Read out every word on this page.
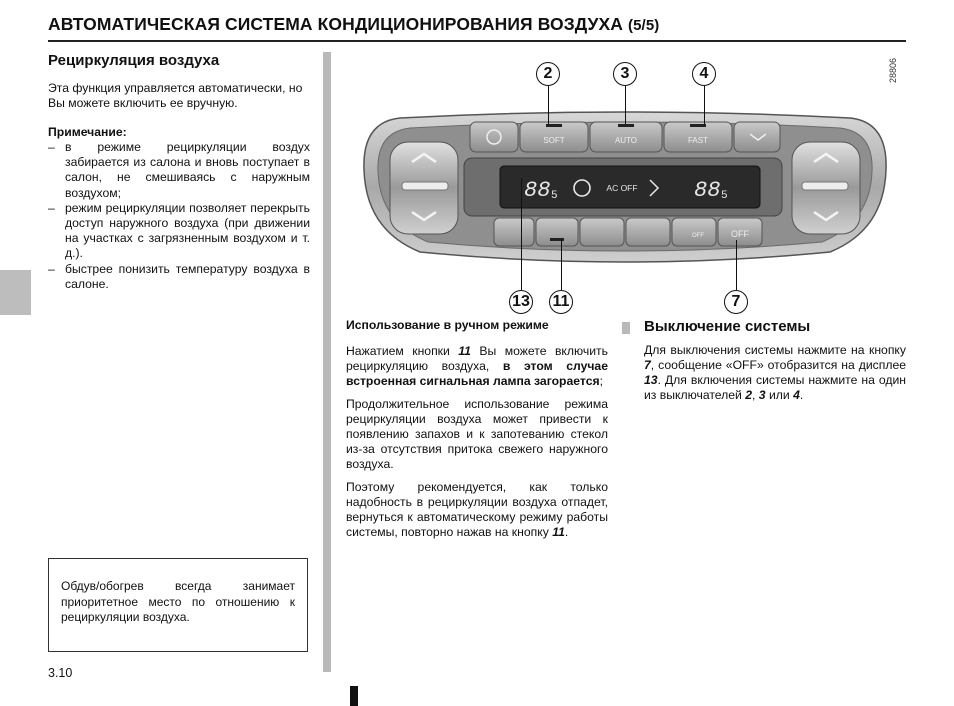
АВТОМАТИЧЕСКАЯ СИСТЕМА КОНДИЦИОНИРОВАНИЯ ВОЗДУХА (5/5)
Рециркуляция воздуха

Эта функция управляется автоматически, но Вы можете включить ее вручную.

Примечание:

– в режиме рециркуляции воздух забирается из салона и вновь поступает в салон, не смешиваясь с наружным воздухом;
– режим рециркуляции позволяет перекрыть доступ наружного воздуха (при движении на участках с загрязненным воздухом и т. д.).
– быстрее понизить температуру воздуха в салоне.

Обдув/обогрев всегда занимает приоритетное место по отношению к рециркуляции воздуха.

3.10
28806
SOFT	AUTO	FAST
88 5
AC OFF	88 5
OFF	OFF
2	3	4
13 11	7
Использование в ручном режиме

Нажатием кнопки 11 Вы можете включить рециркуляцию воздуха, в этом случае встроенная сигнальная лампа загорается;

Продолжительное использование режима рециркуляции воздуха может привести к появлению запахов и к запотеванию стекол из-за отсутствия притока свежего наружного воздуха.

Поэтому рекомендуется, как только надобность в рециркуляции воздуха отпадет, вернуться к автоматическому режиму работы системы, повторно нажав на кнопку 11.

Выключение системы

Для выключения системы нажмите на кнопку 7, сообщение «OFF» отобразится на дисплее 13. Для включения системы нажмите на один из выключателей 2, 3 или 4.
